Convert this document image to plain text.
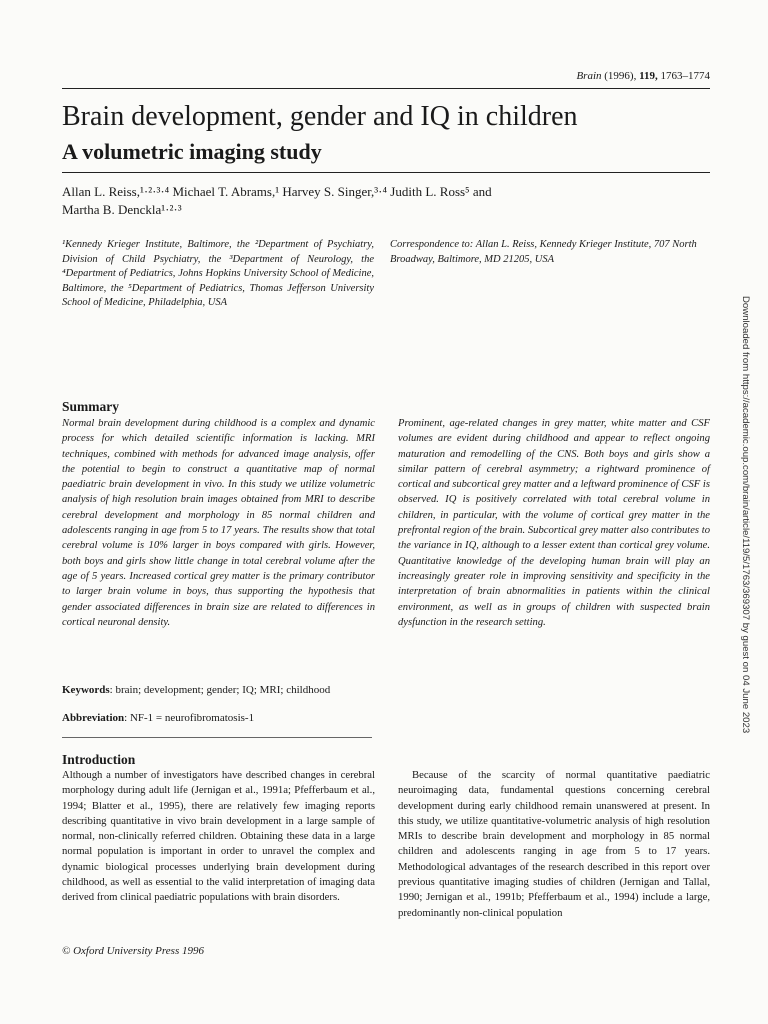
Brain (1996), 119, 1763–1774
Brain development, gender and IQ in children
A volumetric imaging study
Allan L. Reiss,¹·²·³·⁴ Michael T. Abrams,¹ Harvey S. Singer,³·⁴ Judith L. Ross⁵ and
Martha B. Denckla¹·²·³
¹Kennedy Krieger Institute, Baltimore, the ²Department of Psychiatry, Division of Child Psychiatry, the ³Department of Neurology, the ⁴Department of Pediatrics, Johns Hopkins University School of Medicine, Baltimore, the ⁵Department of Pediatrics, Thomas Jefferson University School of Medicine, Philadelphia, USA
Correspondence to: Allan L. Reiss, Kennedy Krieger Institute, 707 North Broadway, Baltimore, MD 21205, USA
Summary
Normal brain development during childhood is a complex and dynamic process for which detailed scientific information is lacking. MRI techniques, combined with methods for advanced image analysis, offer the potential to begin to construct a quantitative map of normal paediatric brain development in vivo. In this study we utilize volumetric analysis of high resolution brain images obtained from MRI to describe cerebral development and morphology in 85 normal children and adolescents ranging in age from 5 to 17 years. The results show that total cerebral volume is 10% larger in boys compared with girls. However, both boys and girls show little change in total cerebral volume after the age of 5 years. Increased cortical grey matter is the primary contributor to larger brain volume in boys, thus supporting the hypothesis that gender associated differences in brain size are related to differences in cortical neuronal density.
Prominent, age-related changes in grey matter, white matter and CSF volumes are evident during childhood and appear to reflect ongoing maturation and remodelling of the CNS. Both boys and girls show a similar pattern of cerebral asymmetry; a rightward prominence of cortical and subcortical grey matter and a leftward prominence of CSF is observed. IQ is positively correlated with total cerebral volume in children, in particular, with the volume of cortical grey matter in the prefrontal region of the brain. Subcortical grey matter also contributes to the variance in IQ, although to a lesser extent than cortical grey volume. Quantitative knowledge of the developing human brain will play an increasingly greater role in improving sensitivity and specificity in the interpretation of brain abnormalities in patients within the clinical environment, as well as in groups of children with suspected brain dysfunction in the research setting.
Keywords: brain; development; gender; IQ; MRI; childhood
Abbreviation: NF-1 = neurofibromatosis-1
Introduction
Although a number of investigators have described changes in cerebral morphology during adult life (Jernigan et al., 1991a; Pfefferbaum et al., 1994; Blatter et al., 1995), there are relatively few imaging reports describing quantitative in vivo brain development in a large sample of normal, non-clinically referred children. Obtaining these data in a large normal population is important in order to unravel the complex and dynamic biological processes underlying brain development during childhood, as well as essential to the valid interpretation of imaging data derived from clinical paediatric populations with brain disorders.
Because of the scarcity of normal quantitative paediatric neuroimaging data, fundamental questions concerning cerebral development during early childhood remain unanswered at present. In this study, we utilize quantitative-volumetric analysis of high resolution MRIs to describe brain development and morphology in 85 normal children and adolescents ranging in age from 5 to 17 years. Methodological advantages of the research described in this report over previous quantitative imaging studies of children (Jernigan and Tallal, 1990; Jernigan et al., 1991b; Pfefferbaum et al., 1994) include a large, predominantly non-clinical population
© Oxford University Press 1996
Downloaded from https://academic.oup.com/brain/article/119/5/1763/369307 by guest on 04 June 2023
